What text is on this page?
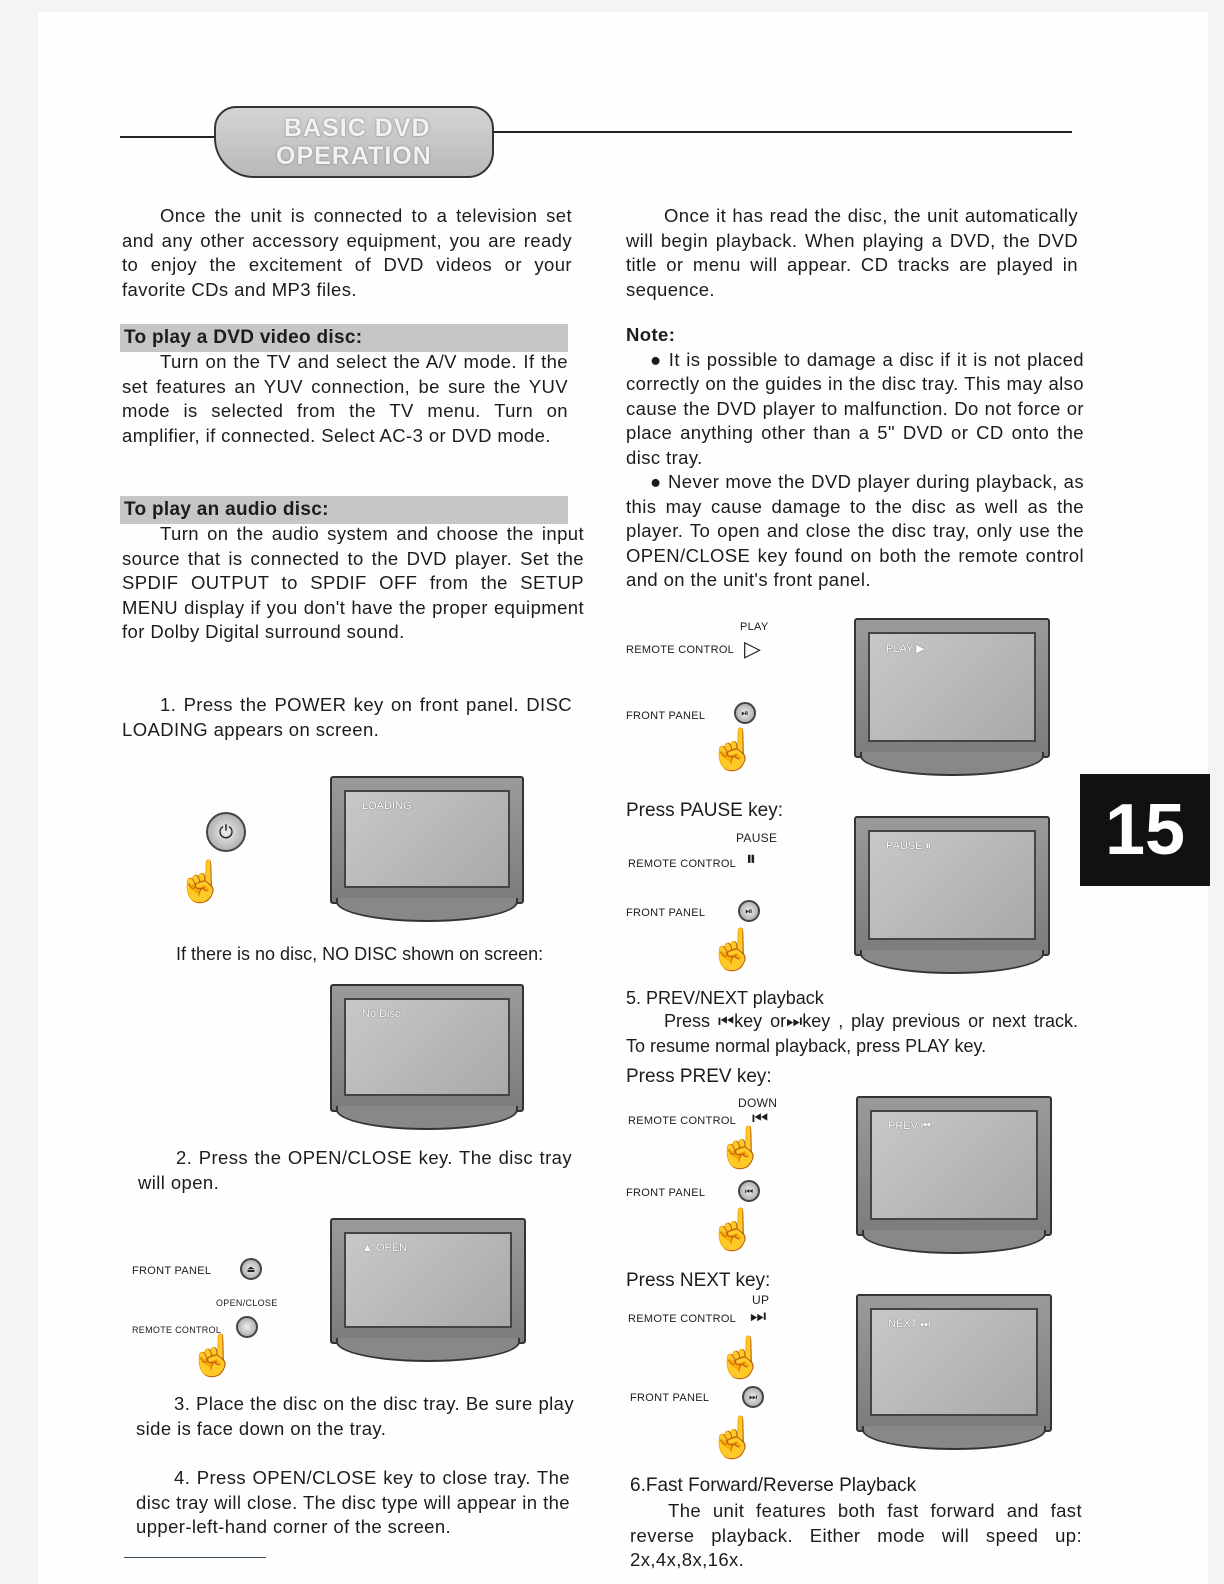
BASIC DVD
OPERATION
15

Once the unit is connected to a television set and any other accessory equipment, you are ready to enjoy the excitement of DVD videos or your favorite CDs and MP3 files.

To play a DVD video disc:

Turn on the TV and select the A/V mode. If the set features an YUV connection, be sure the YUV mode is selected from the TV menu. Turn on amplifier, if connected. Select AC-3 or DVD mode.

To play an audio disc:

Turn on the audio system and choose the input source that is connected to the DVD player. Set the SPDIF OUTPUT to SPDIF OFF from the SETUP MENU display if you don't have the proper equipment for Dolby Digital surround sound.

1. Press the POWER key on front panel. DISC LOADING appears on screen.

⏻
☝
LOADING
If there is no disc, NO DISC shown on screen:
No Disc

2. Press the OPEN/CLOSE key. The disc tray will open.

FRONT PANEL	⏏
OPEN/CLOSE
REMOTE CONTROL
☝
▲ OPEN

3. Place the disc on the disc tray. Be sure play side is face down on the tray.

4. Press OPEN/CLOSE key to close tray. The disc tray will close. The disc type will appear in the upper-left-hand corner of the screen.

Once it has read the disc, the unit automatically will begin playback. When playing a DVD, the DVD title or menu will appear. CD tracks are played in sequence.

Note:

● It is possible to damage a disc if it is not placed correctly on the guides in the disc tray. This may also cause the DVD player to malfunction. Do not force or place anything other than a 5" DVD or CD onto the disc tray.

● Never move the DVD player during playback, as this may cause damage to the disc as well as the player. To open and close the disc tray, only use the OPEN/CLOSE key found on both the remote control and on the unit's front panel.

PLAY
REMOTE CONTROL ▷
FRONT PANEL	⏯
☝
PLAY ▶
Press PAUSE key:
PAUSE
REMOTE CONTROL ⏸
FRONT PANEL	⏯
☝
PAUSE ⏸
5. PREV/NEXT playback

Press ⏮key or⏭key , play previous or next track. To resume normal playback, press PLAY key.

Press PREV key:
DOWN
REMOTE CONTROL ⏮
☝
FRONT PANEL	⏮
☝
PREV ⏮
Press NEXT key:
UP
REMOTE CONTROL ⏭
☝
FRONT PANEL	⏭
☝
NEXT ⏭
6.Fast Forward/Reverse Playback

The unit features both fast forward and fast reverse playback. Either mode will speed up: 2x,4x,8x,16x.
